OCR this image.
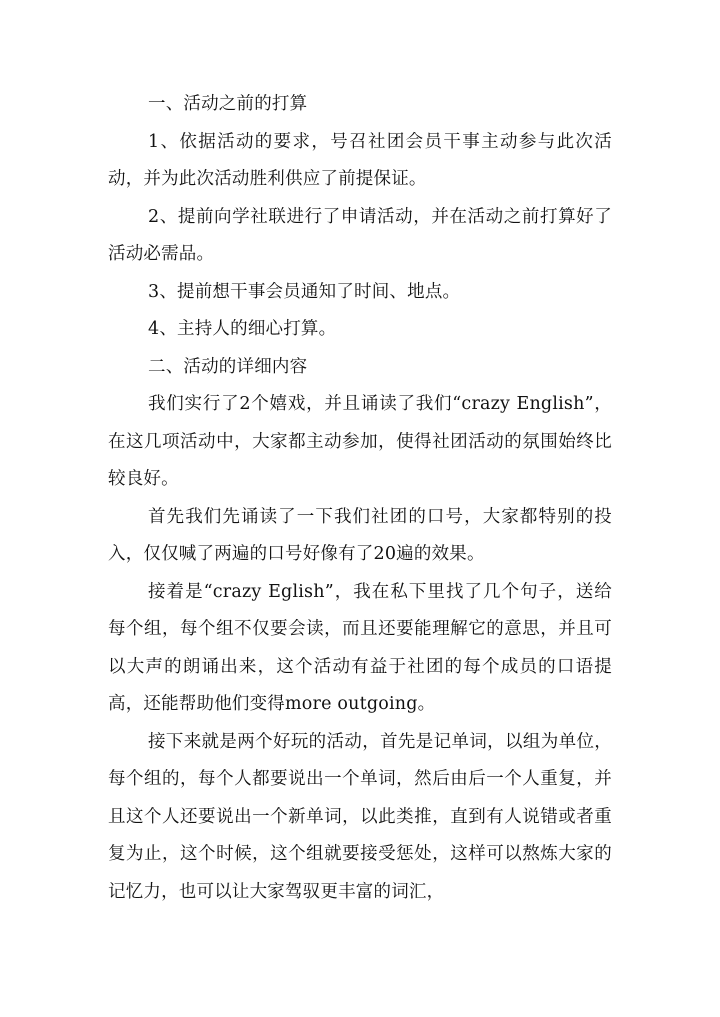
一、活动之前的打算

1、依据活动的要求，号召社团会员干事主动参与此次活动，并为此次活动胜利供应了前提保证。

2、提前向学社联进行了申请活动，并在活动之前打算好了活动必需品。

3、提前想干事会员通知了时间、地点。

4、主持人的细心打算。

二、活动的详细内容

我们实行了2个嬉戏，并且诵读了我们“crazy English”，在这几项活动中，大家都主动参加，使得社团活动的氛围始终比较良好。

首先我们先诵读了一下我们社团的口号，大家都特别的投入，仅仅喊了两遍的口号好像有了20遍的效果。

接着是“crazy Eglish”，我在私下里找了几个句子，送给每个组，每个组不仅要会读，而且还要能理解它的意思，并且可以大声的朗诵出来，这个活动有益于社团的每个成员的口语提高，还能帮助他们变得more outgoing。

接下来就是两个好玩的活动，首先是记单词，以组为单位，每个组的，每个人都要说出一个单词，然后由后一个人重复，并且这个人还要说出一个新单词，以此类推，直到有人说错或者重复为止，这个时候，这个组就要接受惩处，这样可以熬炼大家的记忆力，也可以让大家驾驭更丰富的词汇，
